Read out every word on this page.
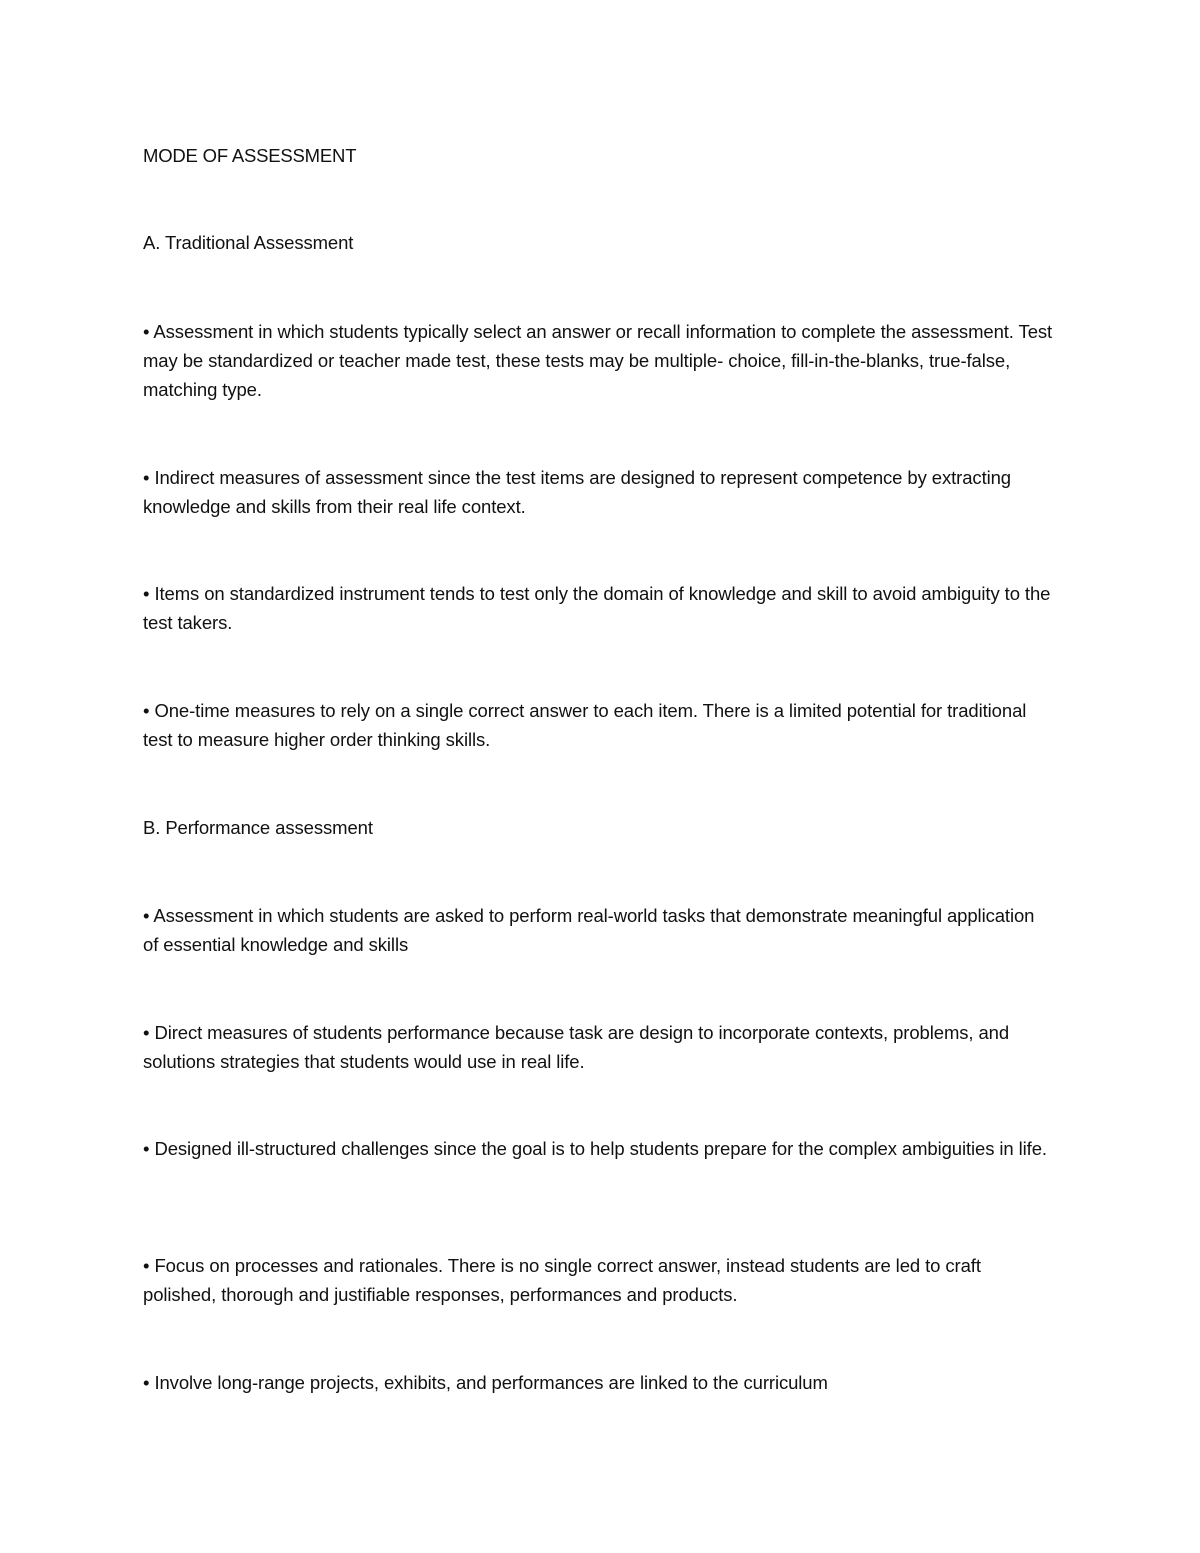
MODE OF ASSESSMENT

A. Traditional Assessment

• Assessment in which students typically select an answer or recall information to complete the assessment. Test may be standardized or teacher made test, these tests may be multiple- choice, fill-in-the-blanks, true-false, matching type.

• Indirect measures of assessment since the test items are designed to represent competence by extracting knowledge and skills from their real life context.

• Items on standardized instrument tends to test only the domain of knowledge and skill to avoid ambiguity to the test takers.

• One-time measures to rely on a single correct answer to each item. There is a limited potential for traditional test to measure higher order thinking skills.

B. Performance assessment

• Assessment in which students are asked to perform real-world tasks that demonstrate meaningful application of essential knowledge and skills

• Direct measures of students performance because task are design to incorporate contexts, problems, and solutions strategies that students would use in real life.

• Designed ill-structured challenges since the goal is to help students prepare for the complex ambiguities in life.

• Focus on processes and rationales. There is no single correct answer, instead students are led to craft polished, thorough and justifiable responses, performances and products.

• Involve long-range projects, exhibits, and performances are linked to the curriculum
